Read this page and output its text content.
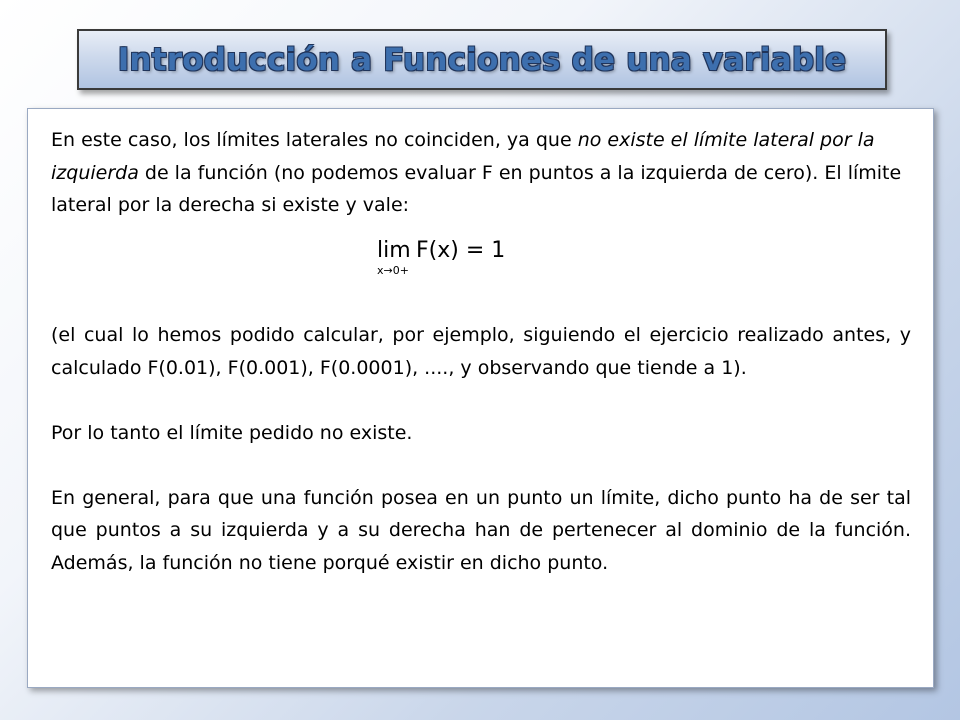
Introducción a Funciones de una variable

En este caso, los límites laterales no coinciden, ya que no existe el límite lateral por la izquierda de la función (no podemos evaluar F en puntos a la izquierda de cero). El límite lateral por la derecha si existe y vale:

(el cual lo hemos podido calcular, por ejemplo, siguiendo el ejercicio realizado antes, y calculado F(0.01), F(0.001), F(0.0001), ...., y observando que tiende a 1).

Por lo tanto el límite pedido no existe.

En general, para que una función posea en un punto un límite, dicho punto ha de ser tal que puntos a su izquierda y a su derecha han de pertenecer al dominio de la función. Además, la función no tiene porqué existir en dicho punto.

lim
x→0+
F(x) = 1
